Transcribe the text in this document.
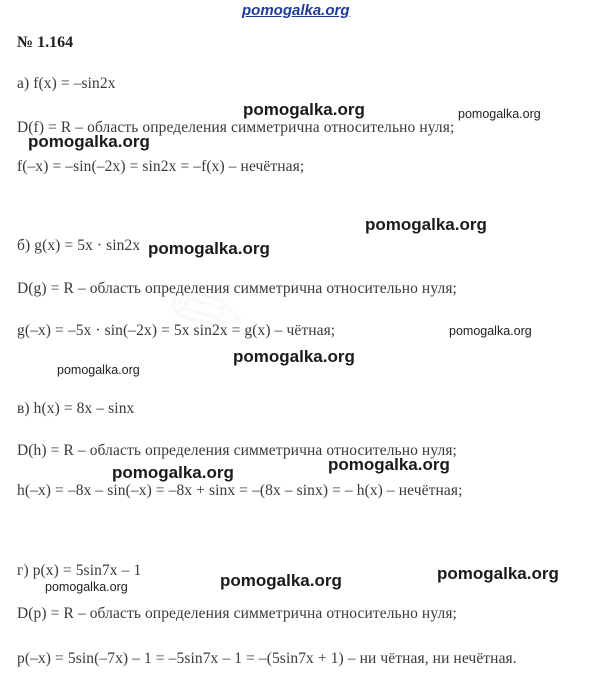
pomogalka.org
№ 1.164
а) f(x) = –sin2x
D(f) = R – область определения симметрична относительно нуля;
f(–x) = –sin(–2x) = sin2x = –f(x) – нечётная;
б) g(x) = 5x · sin2x
D(g) = R – область определения симметрична относительно нуля;
g(–x) = –5x · sin(–2x) = 5x sin2x = g(x) – чётная;
в) h(x) = 8x – sinx
D(h) = R – область определения симметрична относительно нуля;
h(–x) = –8x – sin(–x) = –8x + sinx = –(8x – sinx) = – h(x) – нечётная;
г) p(x) = 5sin7x – 1
D(p) = R – область определения симметрична относительно нуля;
p(–x) = 5sin(–7x) – 1 = –5sin7x – 1 = –(5sin7x + 1) – ни чётная, ни нечётная.
pomogalka.org	pomogalka.org
pomogalka.org
pomogalka.org
pomogalka.org
pomogalka.org
pomogalka.org
pomogalka.org
pomogalka.org
pomogalka.org
pomogalka.org
pomogalka.org
pomogalka.org
